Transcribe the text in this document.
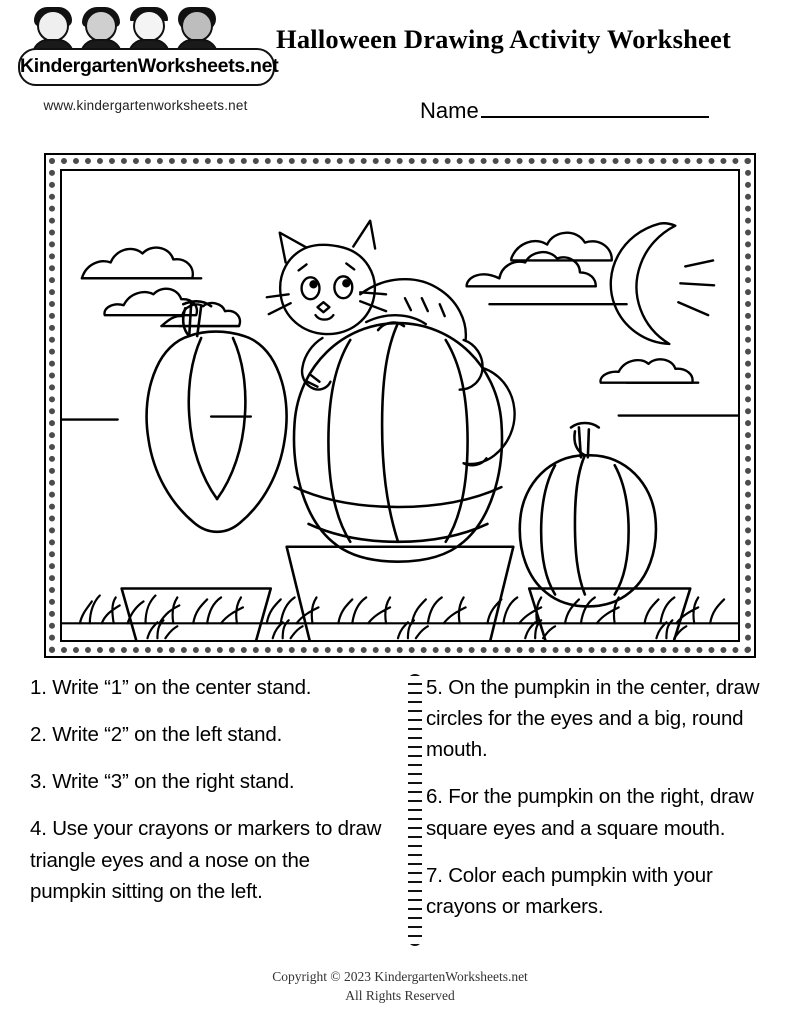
KindergartenWorksheets.net
www.kindergartenworksheets.net
Halloween Drawing Activity Worksheet
Name

1. Write “1” on the center stand.

2. Write “2” on the left stand.

3. Write “3” on the right stand.

4. Use your crayons or markers to draw triangle eyes and a nose on the pumpkin sitting on the left.

5. On the pumpkin in the center, draw circles for the eyes and a big, round mouth.

6. For the pumpkin on the right, draw square eyes and a square mouth.

7. Color each pumpkin with your crayons or markers.

Copyright © 2023 KindergartenWorksheets.net
All Rights Reserved
